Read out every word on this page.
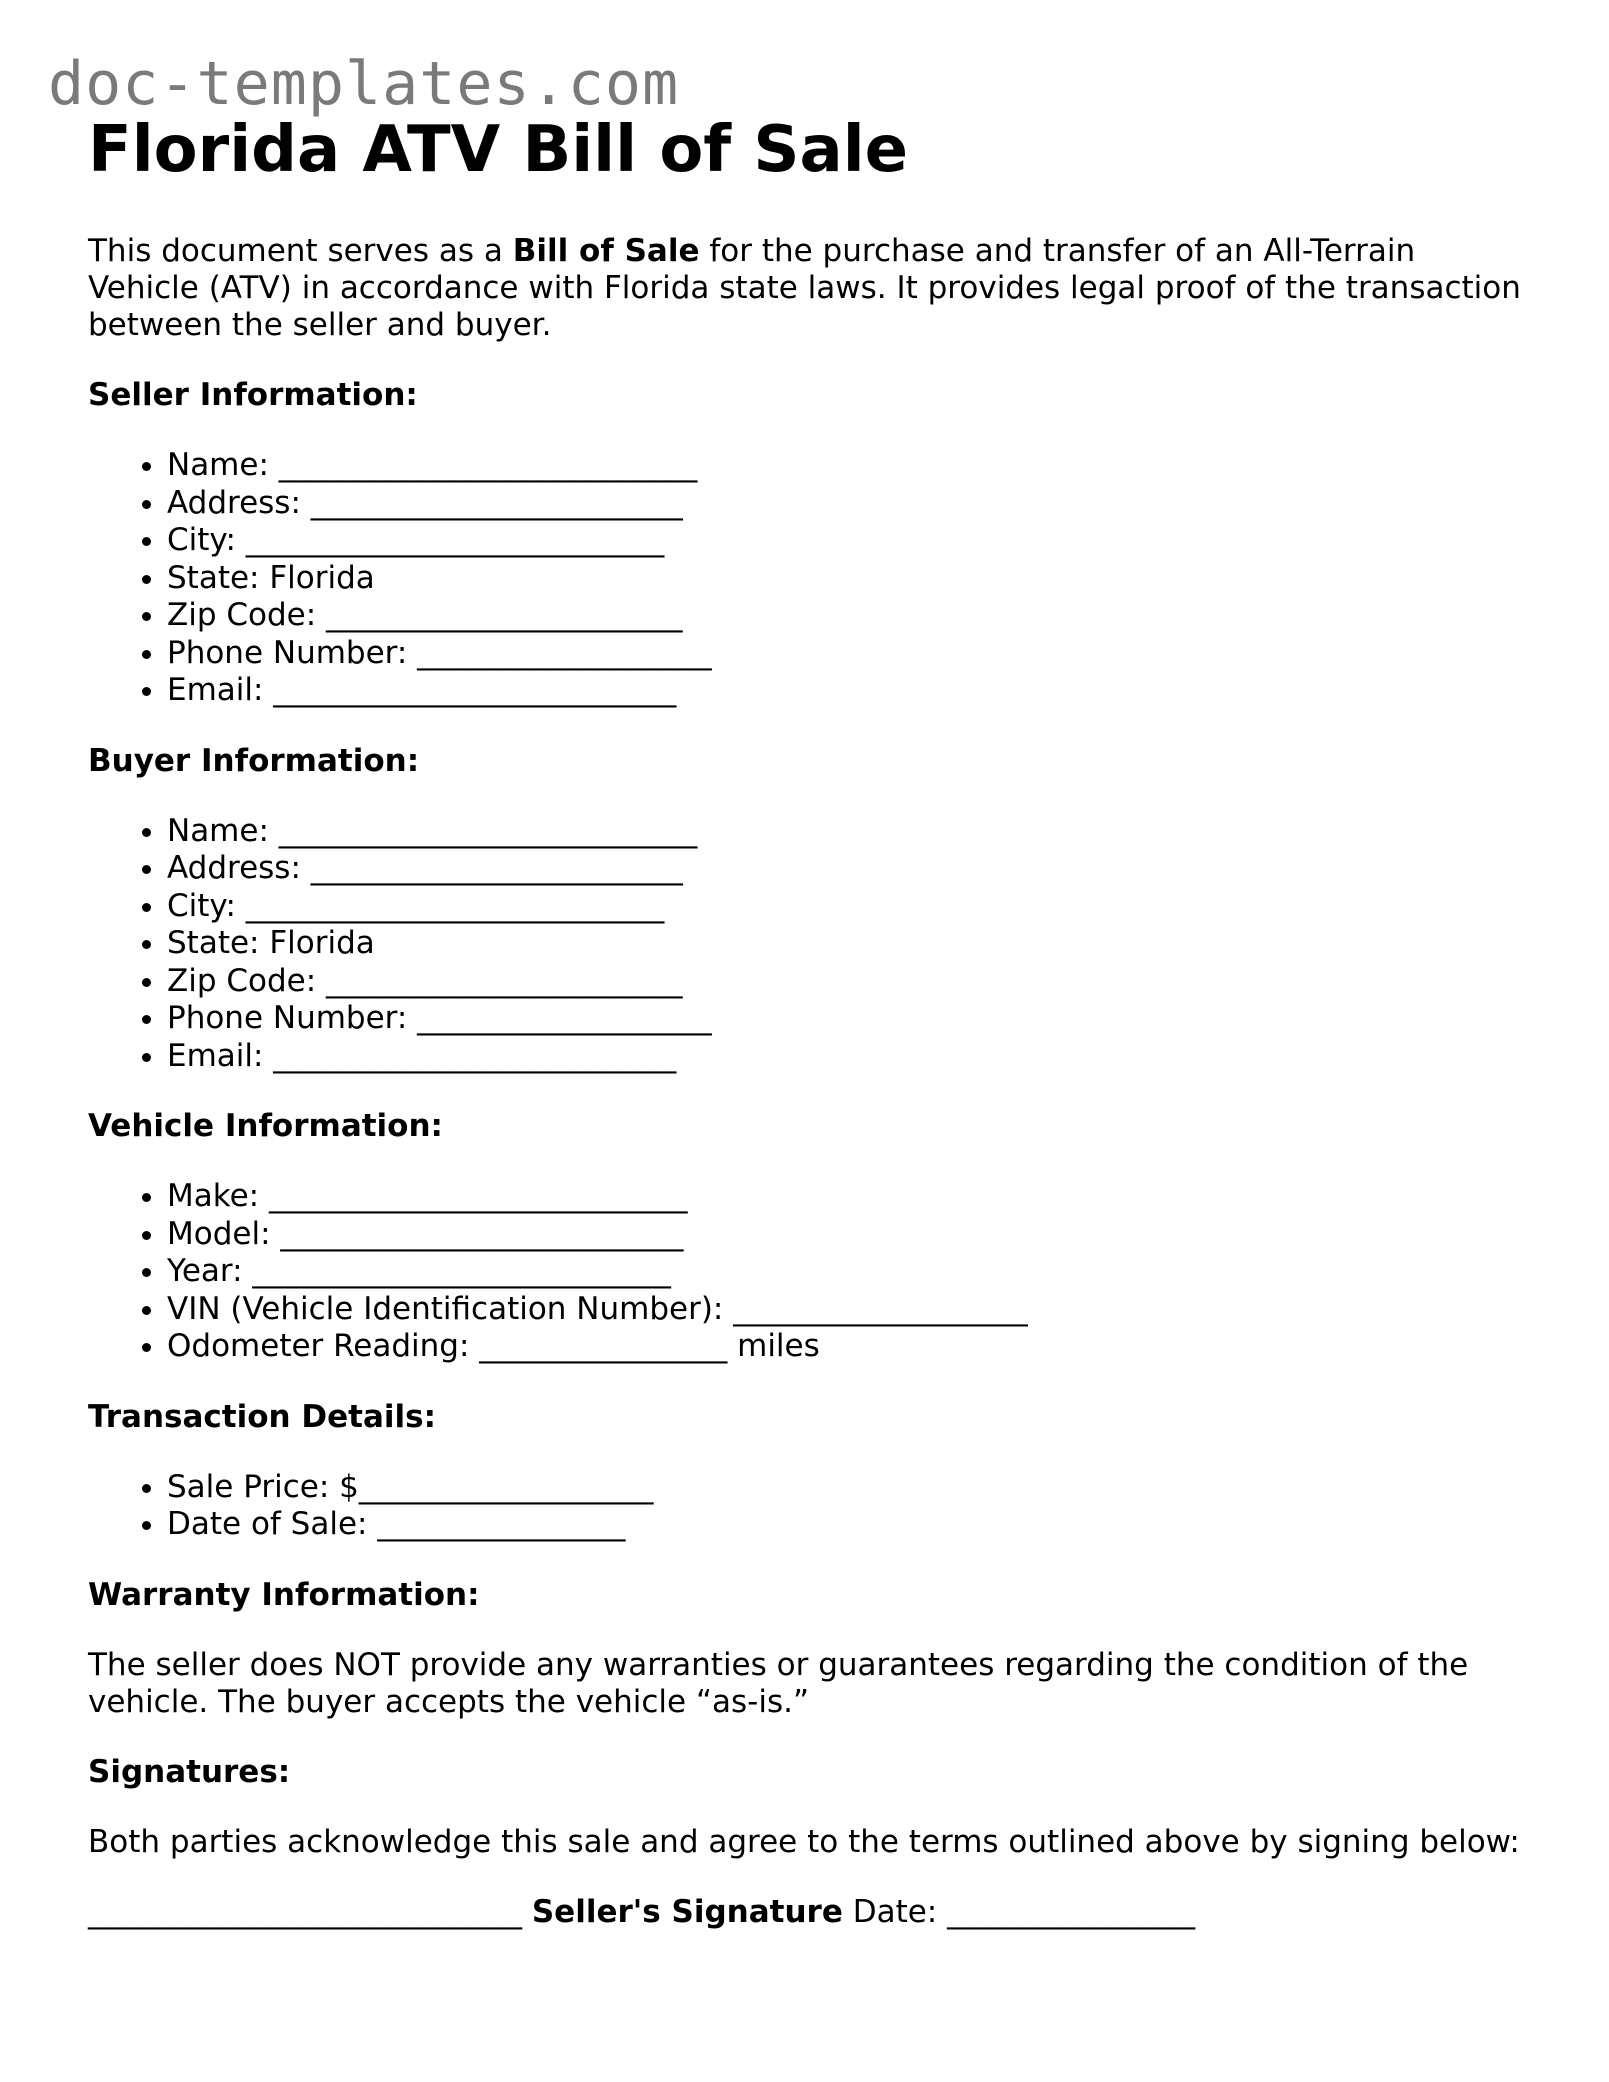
doc-templates.com
Florida ATV Bill of Sale

This document serves as a Bill of Sale for the purchase and transfer of an All-Terrain Vehicle (ATV) in accordance with Florida state laws. It provides legal proof of the transaction between the seller and buyer.

Seller Information:
• Name: ___________________________
• Address: ________________________
• City: ___________________________
• State: Florida
• Zip Code: _______________________
• Phone Number: ___________________
• Email: __________________________
Buyer Information:
• Name: ___________________________
• Address: ________________________
• City: ___________________________
• State: Florida
• Zip Code: _______________________
• Phone Number: ___________________
• Email: __________________________
Vehicle Information:
• Make: ___________________________
• Model: __________________________
• Year: ___________________________
• VIN (Vehicle Identification Number): ___________________
• Odometer Reading: ________________ miles
Transaction Details:
• Sale Price: $___________________
• Date of Sale: ________________
Warranty Information:

The seller does NOT provide any warranties or guarantees regarding the condition of the vehicle. The buyer accepts the vehicle “as-is.”

Signatures:

Both parties acknowledge this sale and agree to the terms outlined above by signing below:

____________________________ Seller's Signature Date: ________________
